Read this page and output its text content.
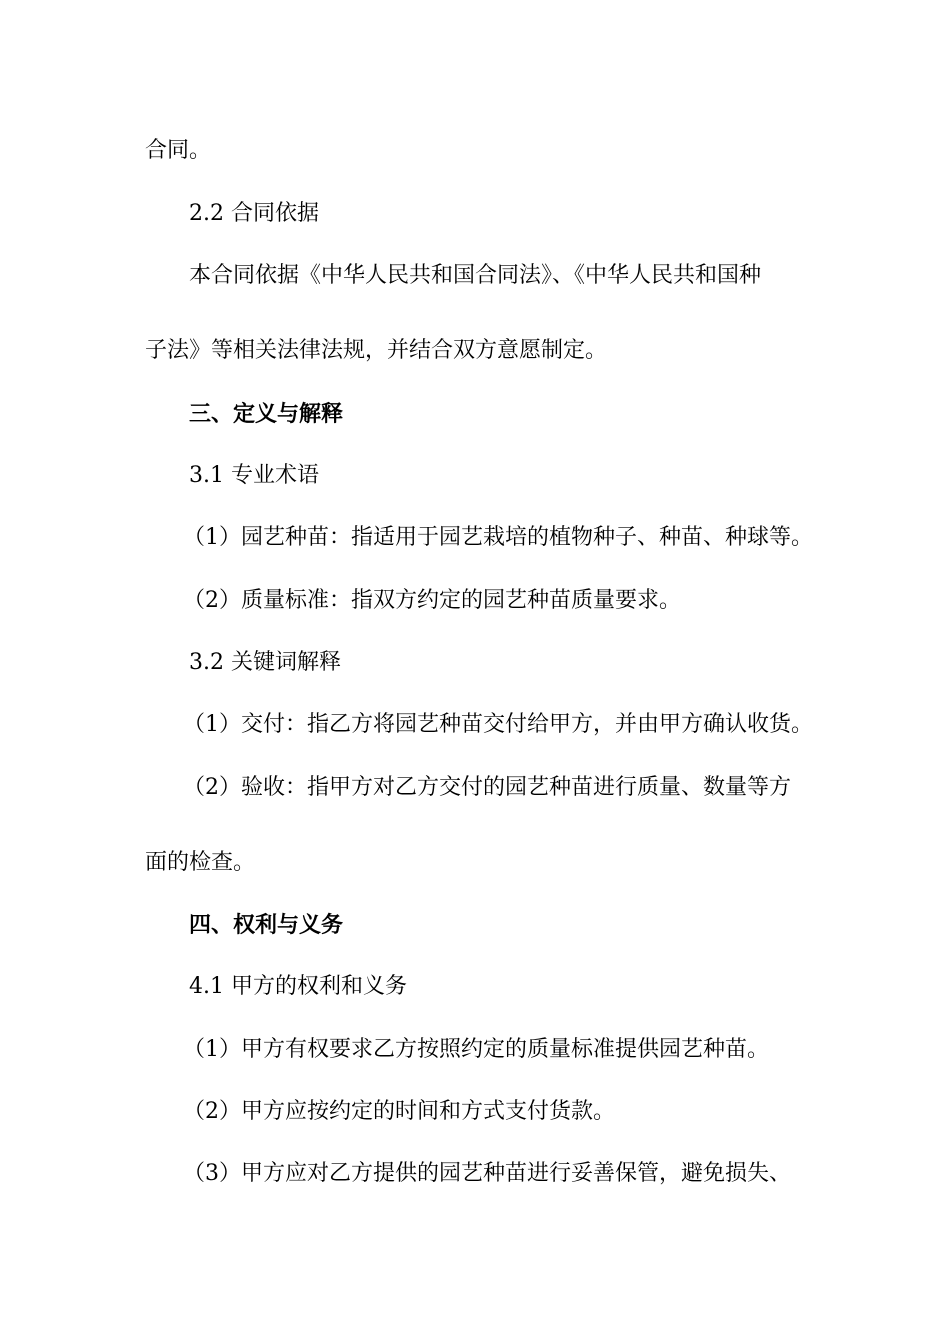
合同。
2.2 合同依据
本合同依据《中华人民共和国合同法》、《中华人民共和国种
子法》等相关法律法规，并结合双方意愿制定。
三、定义与解释
3.1 专业术语
（1）园艺种苗：指适用于园艺栽培的植物种子、种苗、种球等。
（2）质量标准：指双方约定的园艺种苗质量要求。
3.2 关键词解释
（1）交付：指乙方将园艺种苗交付给甲方，并由甲方确认收货。
（2）验收：指甲方对乙方交付的园艺种苗进行质量、数量等方
面的检查。
四、权利与义务
4.1 甲方的权利和义务
（1）甲方有权要求乙方按照约定的质量标准提供园艺种苗。
（2）甲方应按约定的时间和方式支付货款。
（3）甲方应对乙方提供的园艺种苗进行妥善保管，避免损失、
